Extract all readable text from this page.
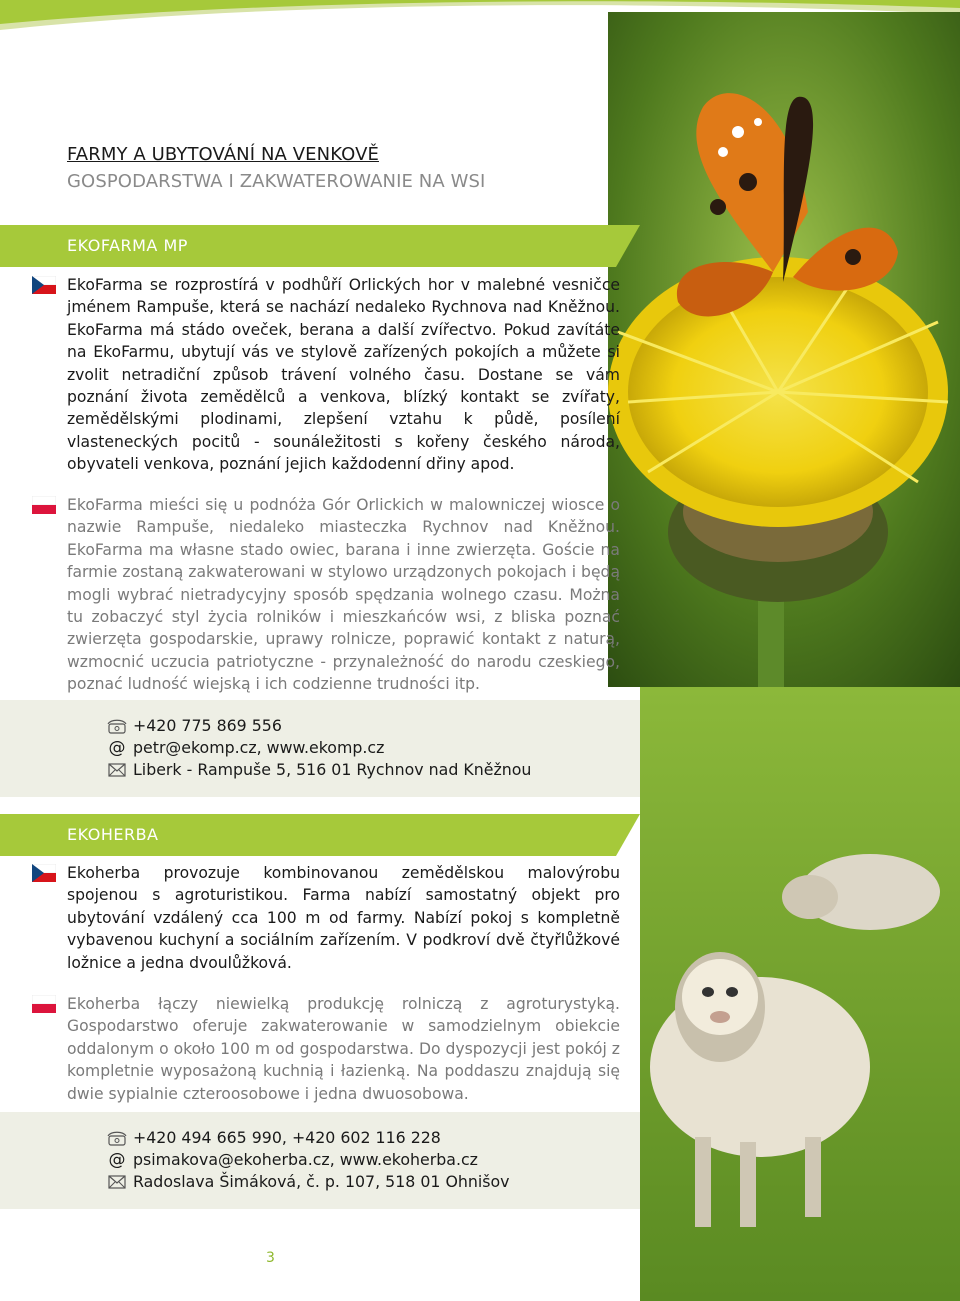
FARMY A UBYTOVÁNÍ NA VENKOVĚ
GOSPODARSTWA I ZAKWATEROWANIE NA WSI
EKOFARMA MP

EkoFarma se rozprostírá v podhůří Orlických hor v malebné vesničce jménem Rampuše, která se nachází nedaleko Rychnova nad Kněžnou. EkoFarma má stádo oveček, berana a další zvířectvo. Pokud zavítáte na EkoFarmu, ubytují vás ve stylově zařízených pokojích a můžete si zvolit netradiční způsob trávení volného času. Dostane se vám poznání života zemědělců a venkova, blízký kontakt se zvířaty, zemědělskými plodinami, zlepšení vztahu k půdě, posílení vlasteneckých pocitů - sounáležitosti s kořeny českého národa, obyvateli venkova, poznání jejich každodenní dřiny apod.

EkoFarma mieści się u podnóża Gór Orlickich w malowniczej wiosce o nazwie Rampuše, niedaleko miasteczka Rychnov nad Kněžnou. EkoFarma ma własne stado owiec, barana i inne zwierzęta. Goście na farmie zostaną zakwaterowani w stylowo urządzonych pokojach i będą mogli wybrać nietradycyjny sposób spędzania wolnego czasu. Można tu zobaczyć styl życia rolników i mieszkańców wsi, z bliska poznać zwierzęta gospodarskie, uprawy rolnicze, poprawić kontakt z naturą, wzmocnić uczucia patriotyczne - przynależność do narodu czeskiego, poznać ludność wiejską i ich codzienne trudności itp.

+420 775 869 556
@ petr@ekomp.cz, www.ekomp.cz
Liberk - Rampuše 5, 516 01 Rychnov nad Kněžnou
EKOHERBA

Ekoherba provozuje kombinovanou zemědělskou malovýrobu spojenou s agroturistikou. Farma nabízí samostatný objekt pro ubytování vzdálený cca 100 m od farmy. Nabízí pokoj s kompletně vybavenou kuchyní a sociálním zařízením. V podkroví dvě čtyřlůžkové ložnice a jedna dvoulůžková.

Ekoherba łączy niewielką produkcję rolniczą z agroturystyką. Gospodarstwo oferuje zakwaterowanie w samodzielnym obiekcie oddalonym o około 100 m od gospodarstwa. Do dyspozycji jest pokój z kompletnie wyposażoną kuchnią i łazienką. Na poddaszu znajdują się dwie sypialnie czteroosobowe i jedna dwuosobowa.

+420 494 665 990, +420 602 116 228
@ psimakova@ekoherba.cz, www.ekoherba.cz
Radoslava Šimáková, č. p. 107, 518 01 Ohnišov
3
